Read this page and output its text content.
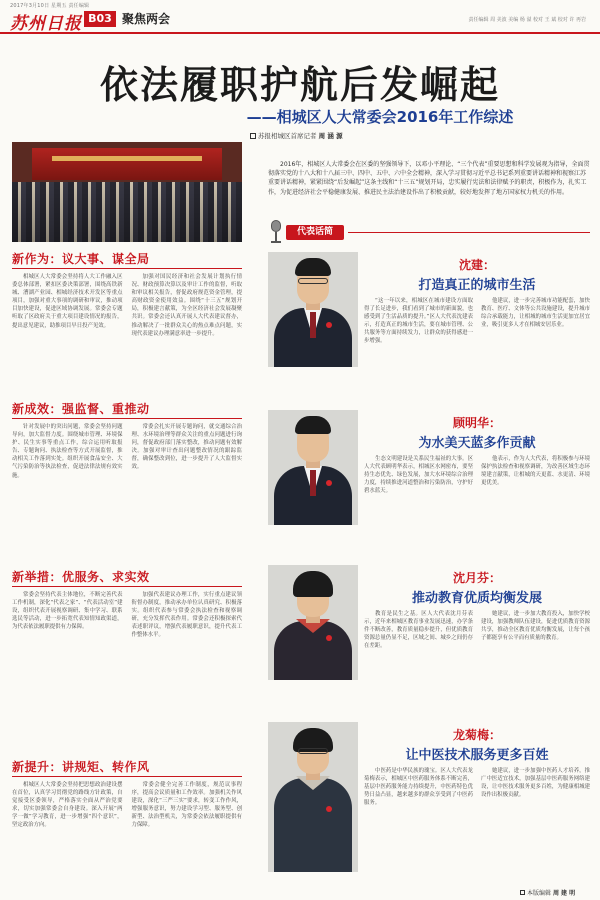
2017年3月10日 星期五 责任编辑
苏州日报 B03 聚焦两会	责任编辑 周 美波 美编 杨 溢 校对 王 斌 校对 许 再岩
依法履职护航后发崛起
——相城区人大常委会2016年工作综述
苏报相城区首席记者 周 涵 源

2016年，相城区人大常委会在区委的坚强领导下，以邓小平理论、“三个代表”重要思想和科学发展观为指导，全面贯彻落实党的十八大和十八届三中、四中、五中、六中全会精神，深入学习贯彻习近平总书记系列重要讲话精神和视察江苏重要讲话精神，紧紧围绕“后发崛起”这条主线和“十三五”规划开局，忠实履行宪法和法律赋予的职责，积极作为，扎实工作，为促进经济社会平稳健康发展、推进民主法治建设作出了积极贡献，较好地发挥了地方国家权力机关的作用。

新作为：议大事、谋全局

相城区人大常委会坚持将人大工作融入区委总体部署，紧扣区委决策部署，围绕高铁新城、漕湖产业园、相城经济技术开发区等重点项目，加强对重大事项的调研和审议，推动项目加快建设，促进区域协调发展。常委会专题听取了区政府关于重大项目建设情况的报告，提出意见建议，助推项目早日投产见效。

加强对国民经济和社会发展计划执行情况、财政预算决算以及审计工作的监督，听取和审议相关报告，督促政府规范资金管理，提高财政资金使用效益。围绕“十三五”规划开局，积极建言献策，为全区经济社会发展凝聚共识。常委会还认真开展人大代表建议督办，推动解决了一批群众关心的热点难点问题，实现代表建议办理满意率进一步提升。

新成效：强监督、重推动

针对发展中的突出问题，常委会坚持问题导向，加大监督力度。围绕城市管理、环境保护、民生实事等重点工作，综合运用听取报告、专题询问、执法检查等方式开展监督，推动相关工作落到实处。组织开展食品安全、大气污染防治等执法检查，促进法律法规有效实施。

常委会扎实开展专题询问，就交通综合治理、水环境治理等群众关注的重点问题进行询问，督促政府部门落实整改，推动问题有效解决。加强对审计查出问题整改情况的跟踪监督，确保整改到位，进一步提升了人大监督实效。

新举措：优服务、求实效

常委会坚持代表主体地位，不断完善代表工作机制，深化“代表之家”、“代表活动室”建设，组织代表开展视察调研、集中学习、联系选民等活动，进一步拓宽代表知情知政渠道，为代表依法履职提供有力保障。

加强代表建议办理工作，实行重点建议领衔督办制度，推动承办单位认真研究、积极落实。组织代表参与常委会执法检查和视察调研，充分发挥代表作用。常委会还积极探索代表述职评议，增强代表履职意识，提升代表工作整体水平。

新提升：讲规矩、转作风

相城区人大常委会坚持把思想政治建设摆在首位，认真学习贯彻党的路线方针政策，自觉接受区委领导，严格落实全面从严治党要求，切实加强常委会自身建设。深入开展“两学一做”学习教育，进一步增强“四个意识”，坚定政治方向。

常委会健全完善工作制度，规范议事程序，提高会议质量和工作效率。加强机关作风建设，深化“三严三实”要求，转变工作作风，增强服务意识，努力建设学习型、服务型、创新型、法治型机关，为常委会依法履职提供有力保障。

代表话简
沈建：
打造真正的城市生活

“这一年以来，相城区在城市建设方面取得了长足进步，我们看到了城市的新面貌，也感受到了生活品质的提升。”区人大代表沈建表示，打造真正的城市生活，要在城市管理、公共服务等方面持续发力，让群众的获得感进一步增强。

他建议，进一步完善城市功能配套，加快教育、医疗、文体等公共设施建设，提升城市综合承载能力，让相城的城市生活更加宜居宜业，吸引更多人才在相城安居乐业。

顾明华：
为水美天蓝多作贡献

生态文明建设是关系民生福祉的大事。区人大代表顾明华表示，相城区水网密布，要坚持生态优先、绿色发展，加大水环境综合治理力度，持续推进河道整治和污染防治，守护好碧水蓝天。

他表示，作为人大代表，将积极参与环境保护执法检查和视察调研，为改善区域生态环境建言献策，让相城的天更蓝、水更清、环境更优美。

沈月芬：
推动教育优质均衡发展

教育是民生之基。区人大代表沈月芬表示，近年来相城区教育事业发展迅速，办学条件不断改善，教育质量稳步提升，但优质教育资源总量仍显不足，区域之间、城乡之间仍存在差距。

她建议，进一步加大教育投入，加快学校建设，加强教师队伍建设，促进优质教育资源共享，推动全区教育优质均衡发展，让每个孩子都能享有公平而有质量的教育。

龙菊梅：
让中医技术服务更多百姓

中医药是中华民族的瑰宝。区人大代表龙菊梅表示，相城区中医药服务体系不断完善，基层中医药服务能力持续提升，中医药特色优势日益凸显，越来越多的群众享受到了中医药服务。

她建议，进一步加强中医药人才培养，推广中医适宜技术，加强基层中医药服务网络建设，让中医技术服务更多百姓，为健康相城建设作出积极贡献。

本版编辑 周 建 明
